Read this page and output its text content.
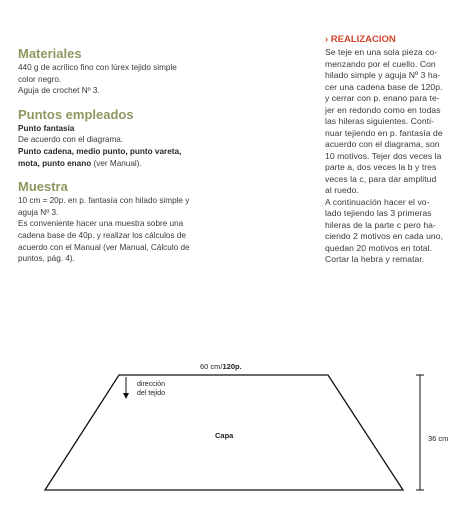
Materiales

440 g de acrílico fino con lúrex tejido simple

color negro.

Aguja de crochet Nº 3.

Puntos empleados

Punto fantasía

De acuerdo con el diagrama.

Punto cadena, medio punto, punto vareta,

mota, punto enano (ver Manual).

Muestra

10 cm = 20p. en p. fantasía con hilado simple y

aguja Nº 3.

Es conveniente hacer una muestra sobre una

cadena base de 40p. y realizar los cálculos de

acuerdo con el Manual (ver Manual, Cálculo de

puntos, pág. 4).

› REALIZACION

Se teje en una sola pieza co-

menzando por el cuello. Con

hilado simple y aguja Nº 3 ha-

cer una cadena base de 120p.

y cerrar con p. enano para te-

jer en redondo como en todas

las hileras siguientes. Conti-

nuar tejiendo en p. fantasía de

acuerdo con el diagrama, son

10 motivos. Tejer dos veces la

parte a, dos veces la b y tres

veces la c, para dar amplitud

al ruedo.

A continuación hacer el vo-

lado tejiendo las 3 primeras

hileras de la parte c pero ha-

ciendo 2 motivos en cada uno,

quedan 20 motivos en total.

Cortar la hebra y rematar.

60 cm/120p.
dirección
del tejido
Capa	36 cm
